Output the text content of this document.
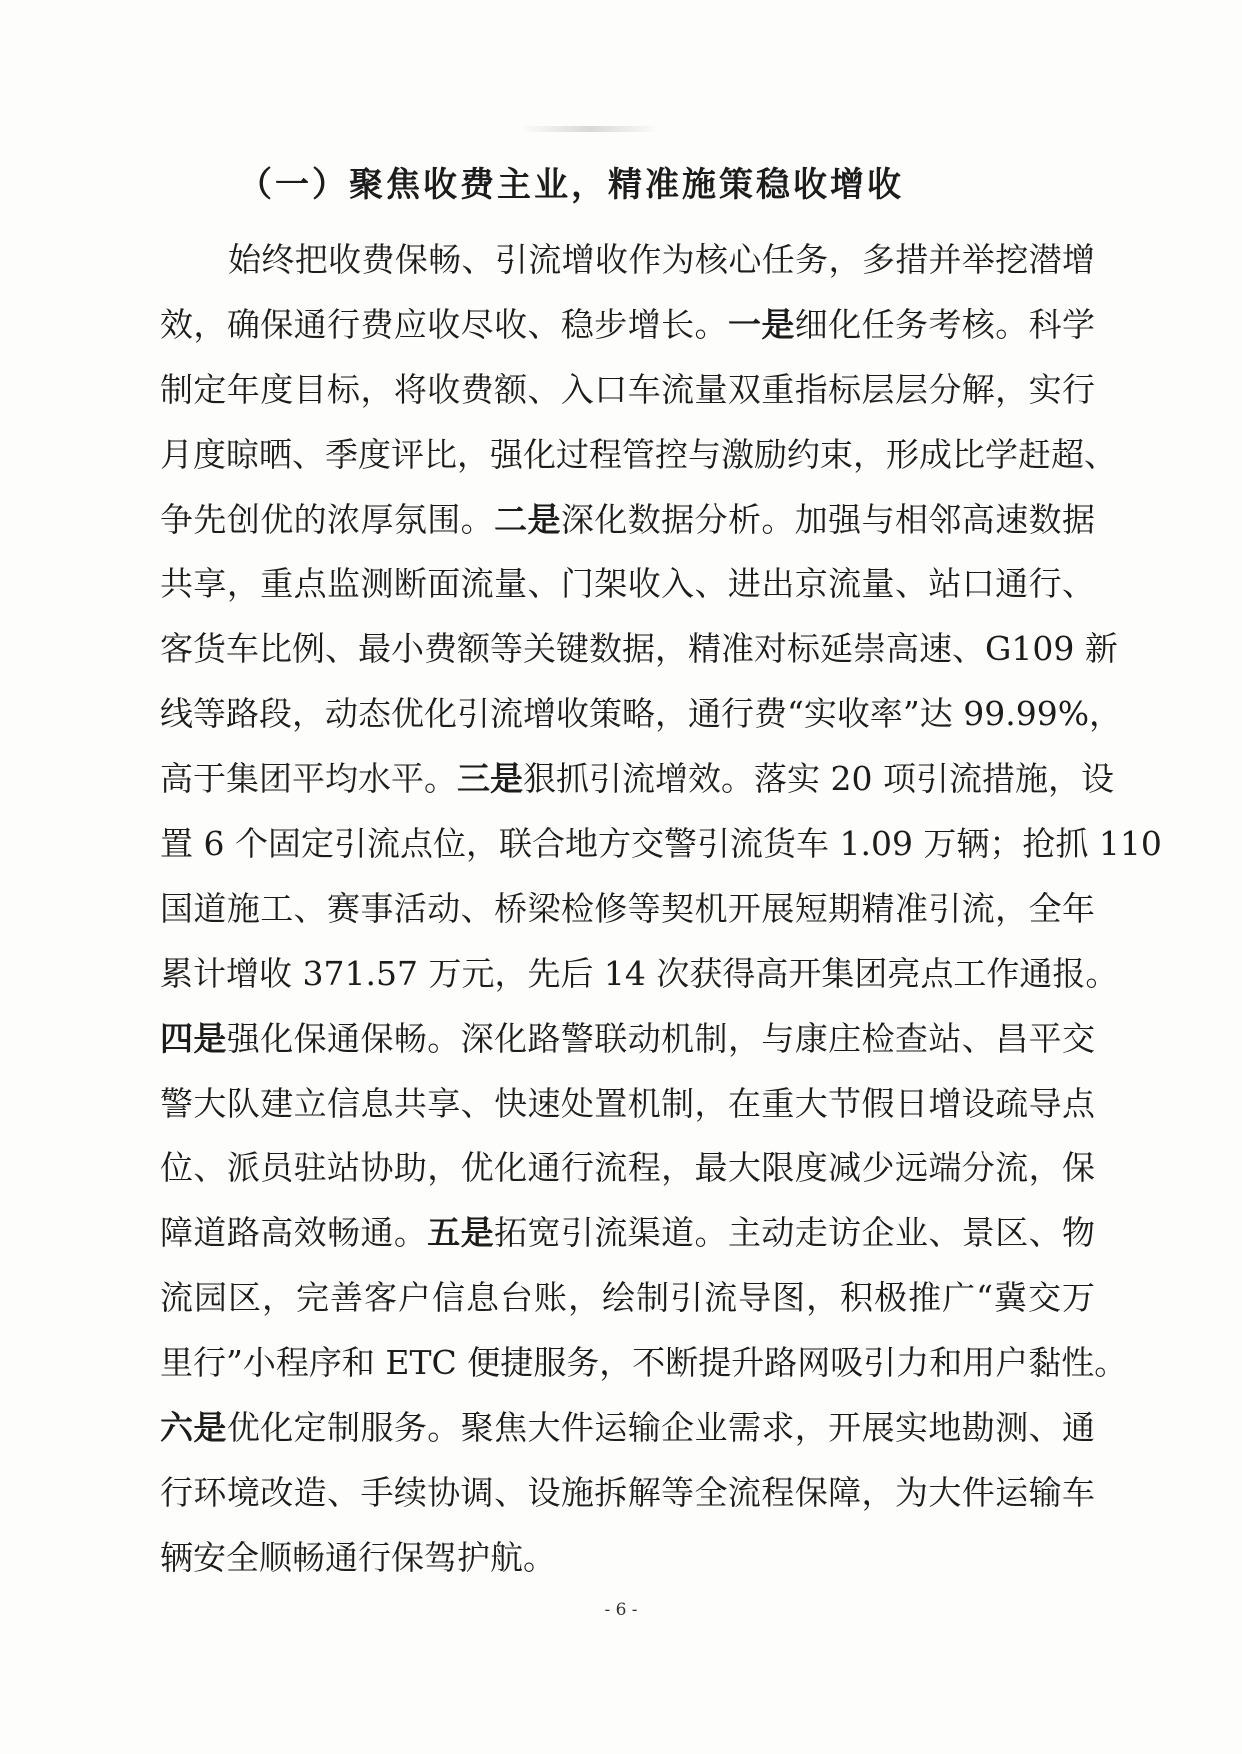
（一）聚焦收费主业，精准施策稳收增收
始终把收费保畅、引流增收作为核心任务，多措并举挖潜增
效，确保通行费应收尽收、稳步增长。一是细化任务考核。科学
制定年度目标，将收费额、入口车流量双重指标层层分解，实行
月度晾晒、季度评比，强化过程管控与激励约束，形成比学赶超、
争先创优的浓厚氛围。二是深化数据分析。加强与相邻高速数据
共享，重点监测断面流量、门架收入、进出京流量、站口通行、
客货车比例、最小费额等关键数据，精准对标延崇高速、G109 新
线等路段，动态优化引流增收策略，通行费“实收率”达 99.99%，
高于集团平均水平。三是狠抓引流增效。落实 20 项引流措施，设
置 6 个固定引流点位，联合地方交警引流货车 1.09 万辆；抢抓 110
国道施工、赛事活动、桥梁检修等契机开展短期精准引流，全年
累计增收 371.57 万元，先后 14 次获得高开集团亮点工作通报。
四是强化保通保畅。深化路警联动机制，与康庄检查站、昌平交
警大队建立信息共享、快速处置机制，在重大节假日增设疏导点
位、派员驻站协助，优化通行流程，最大限度减少远端分流，保
障道路高效畅通。五是拓宽引流渠道。主动走访企业、景区、物
流园区，完善客户信息台账，绘制引流导图，积极推广“冀交万
里行”小程序和 ETC 便捷服务，不断提升路网吸引力和用户黏性。
六是优化定制服务。聚焦大件运输企业需求，开展实地勘测、通
行环境改造、手续协调、设施拆解等全流程保障，为大件运输车
辆安全顺畅通行保驾护航。
- 6 -
